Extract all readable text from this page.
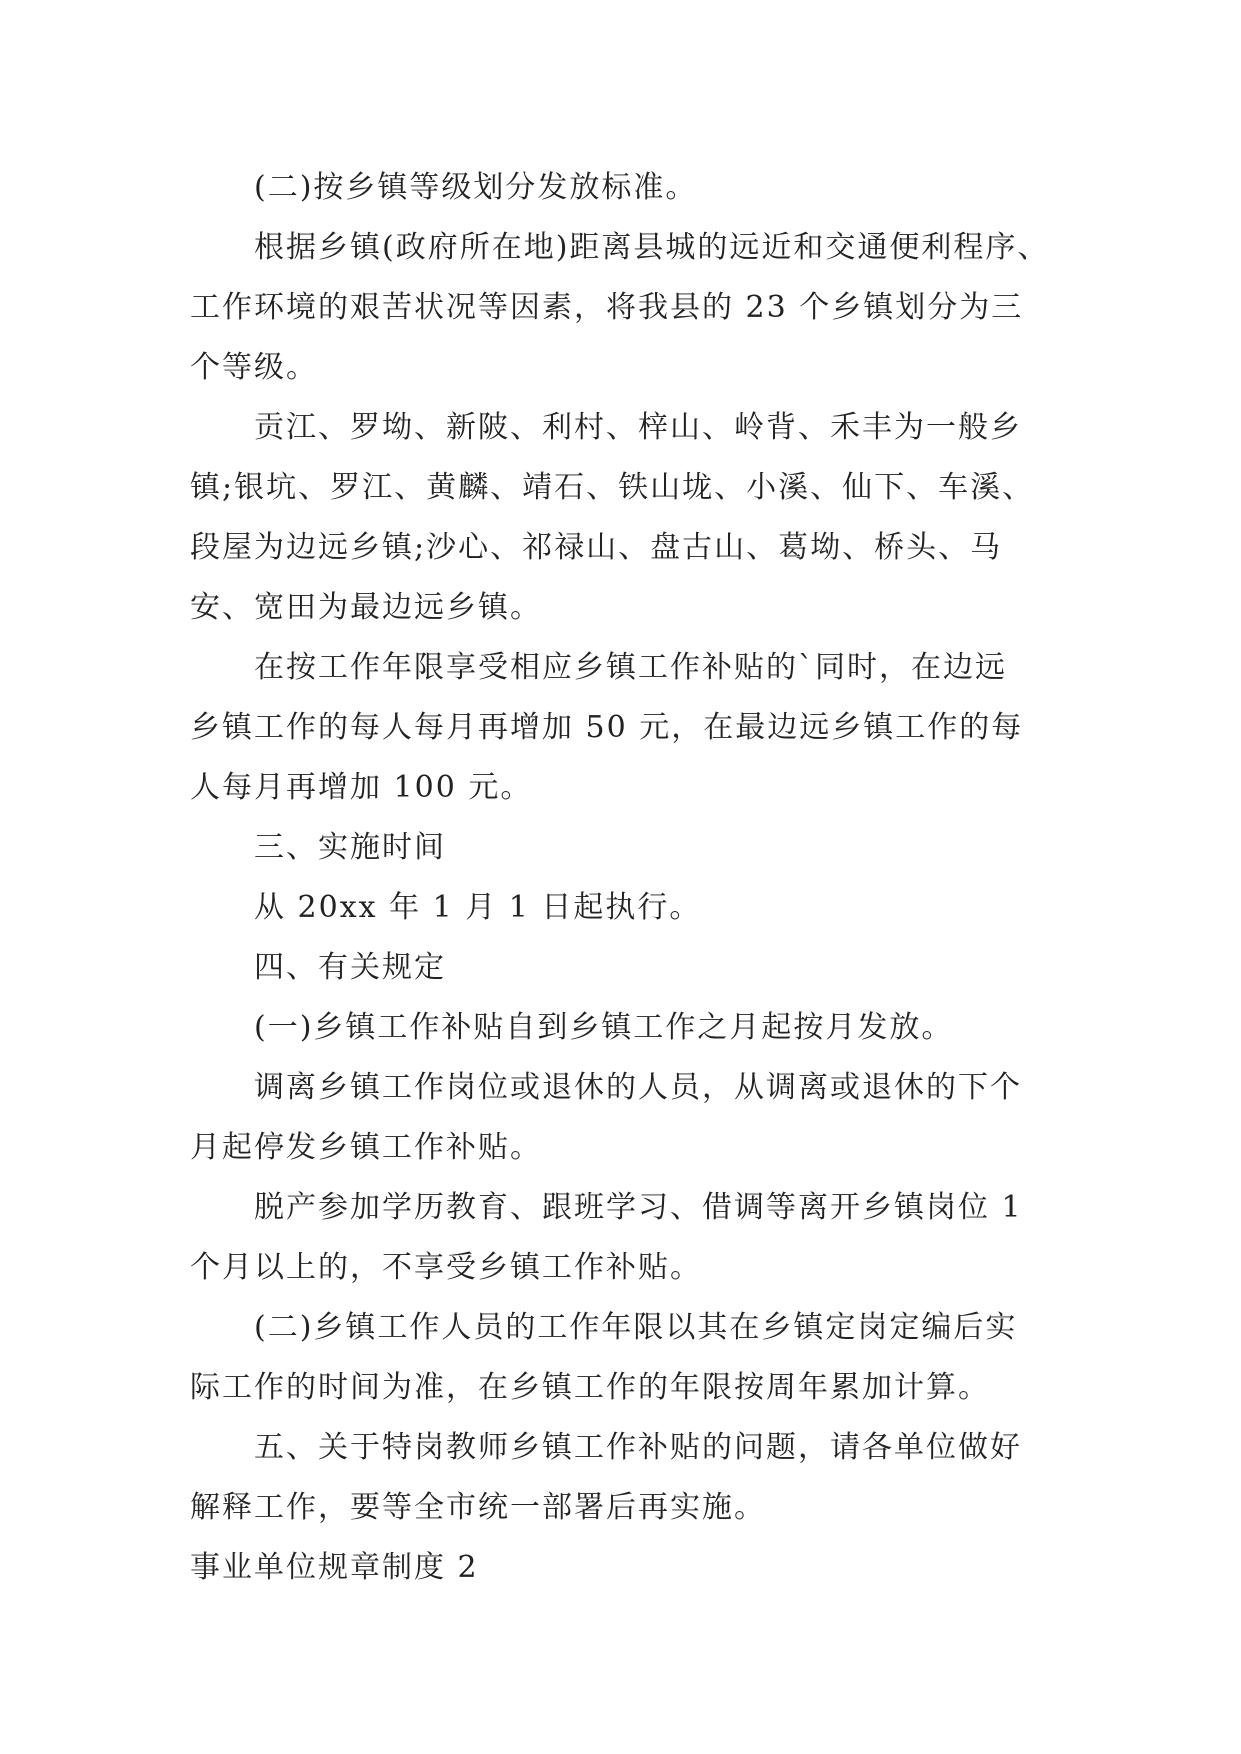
(二)按乡镇等级划分发放标准。
根据乡镇(政府所在地)距离县城的远近和交通便利程序、
工作环境的艰苦状况等因素，将我县的 23 个乡镇划分为三
个等级。
贡江、罗坳、新陂、利村、梓山、岭背、禾丰为一般乡
镇;银坑、罗江、黄麟、靖石、铁山垅、小溪、仙下、车溪、
段屋为边远乡镇;沙心、祁禄山、盘古山、葛坳、桥头、马
安、宽田为最边远乡镇。
在按工作年限享受相应乡镇工作补贴的`同时，在边远
乡镇工作的每人每月再增加 50 元，在最边远乡镇工作的每
人每月再增加 100 元。
三、实施时间
从 20xx 年 1 月 1 日起执行。
四、有关规定
(一)乡镇工作补贴自到乡镇工作之月起按月发放。
调离乡镇工作岗位或退休的人员，从调离或退休的下个
月起停发乡镇工作补贴。
脱产参加学历教育、跟班学习、借调等离开乡镇岗位 1
个月以上的，不享受乡镇工作补贴。
(二)乡镇工作人员的工作年限以其在乡镇定岗定编后实
际工作的时间为准，在乡镇工作的年限按周年累加计算。
五、关于特岗教师乡镇工作补贴的问题，请各单位做好
解释工作，要等全市统一部署后再实施。
事业单位规章制度 2
